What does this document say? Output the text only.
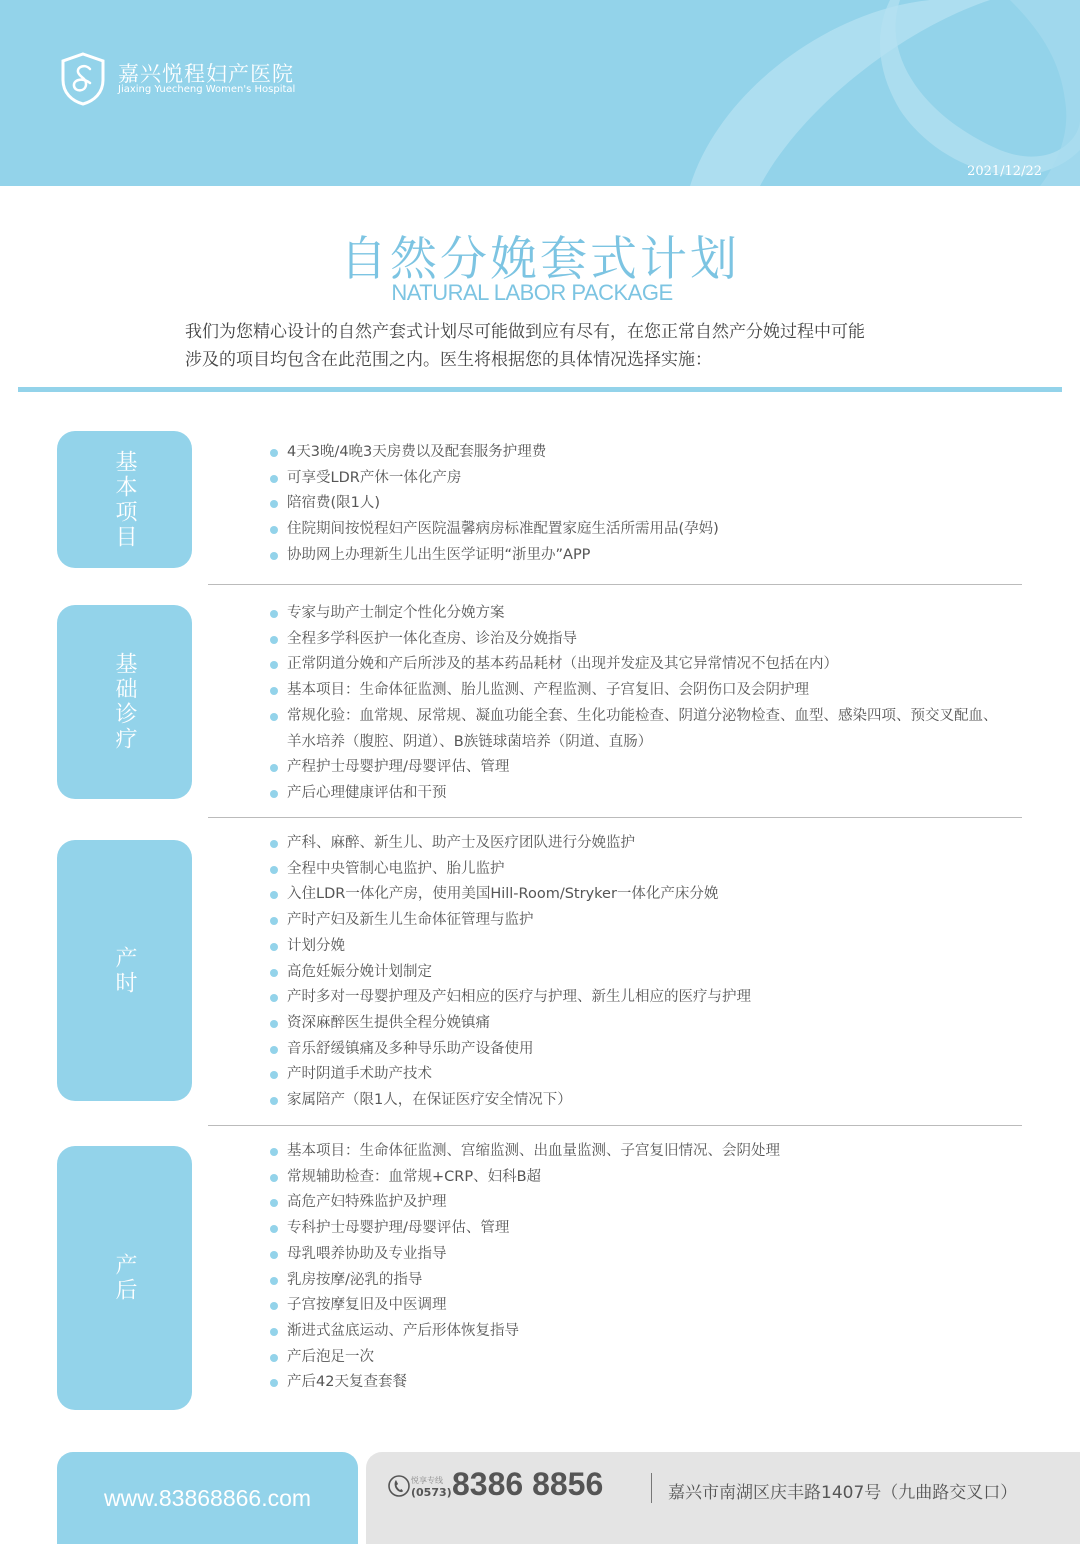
嘉兴悦程妇产医院
Jiaxing Yuecheng Women's Hospital
2021/12/22
自然分娩套式计划
NATURAL LABOR PACKAGE
我们为您精心设计的自然产套式计划尽可能做到应有尽有，在您正常自然产分娩过程中可能
涉及的项目均包含在此范围之内。医生将根据您的具体情况选择实施：
基本项目	4天3晚/4晚3天房费以及配套服务护理费
可享受LDR产休一体化产房
陪宿费(限1人)
住院期间按悦程妇产医院温馨病房标准配置家庭生活所需用品(孕妈)
协助网上办理新生儿出生医学证明“浙里办”APP
基础诊疗
专家与助产士制定个性化分娩方案
全程多学科医护一体化查房、诊治及分娩指导
正常阴道分娩和产后所涉及的基本药品耗材（出现并发症及其它异常情况不包括在内）
基本项目：生命体征监测、胎儿监测、产程监测、子宫复旧、会阴伤口及会阴护理
常规化验：血常规、尿常规、凝血功能全套、生化功能检查、阴道分泌物检查、血型、感染四项、预交叉配血、
羊水培养（腹腔、阴道）、B族链球菌培养（阴道、直肠）
产程护士母婴护理/母婴评估、管理
产后心理健康评估和干预
产时
产科、麻醉、新生儿、助产士及医疗团队进行分娩监护
全程中央管制心电监护、胎儿监护
入住LDR一体化产房，使用美国Hill-Room/Stryker一体化产床分娩
产时产妇及新生儿生命体征管理与监护
计划分娩
高危妊娠分娩计划制定
产时多对一母婴护理及产妇相应的医疗与护理、新生儿相应的医疗与护理
资深麻醉医生提供全程分娩镇痛
音乐舒缓镇痛及多种导乐助产设备使用
产时阴道手术助产技术
家属陪产（限1人，在保证医疗安全情况下）
产后
基本项目：生命体征监测、宫缩监测、出血量监测、子宫复旧情况、会阴处理
常规辅助检查：血常规+CRP、妇科B超
高危产妇特殊监护及护理
专科护士母婴护理/母婴评估、管理
母乳喂养协助及专业指导
乳房按摩/泌乳的指导
子宫按摩复旧及中医调理
渐进式盆底运动、产后形体恢复指导
产后泡足一次
产后42天复查套餐
www.83868866.com
悦享专线
(0573) 8386 8856	嘉兴市南湖区庆丰路1407号（九曲路交叉口）
